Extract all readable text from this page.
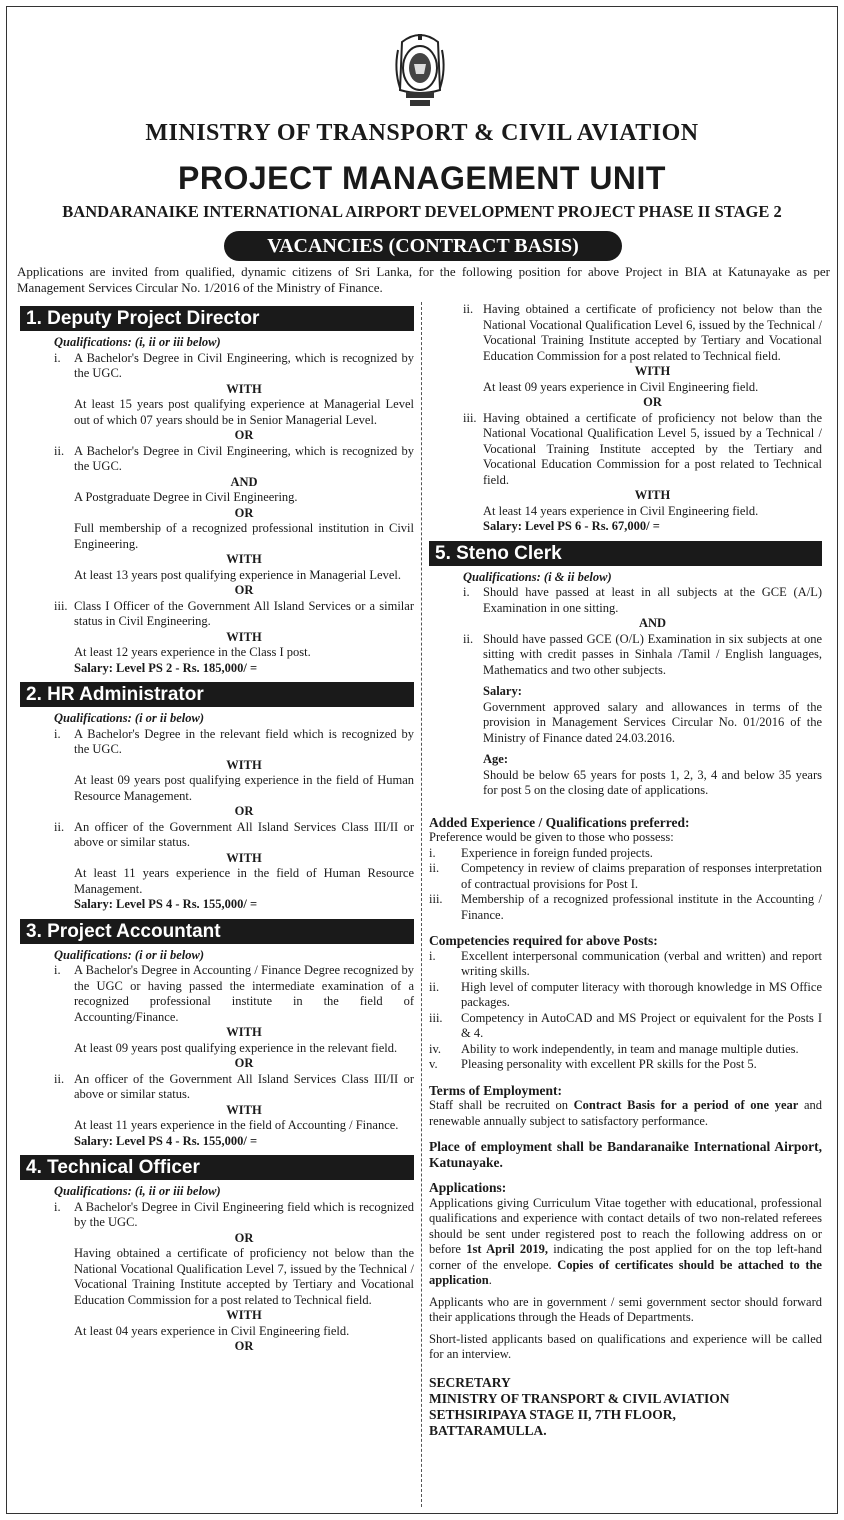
MINISTRY OF TRANSPORT & CIVIL AVIATION
PROJECT MANAGEMENT UNIT
BANDARANAIKE INTERNATIONAL AIRPORT DEVELOPMENT PROJECT PHASE II STAGE 2
VACANCIES (CONTRACT BASIS)
Applications are invited from qualified, dynamic citizens of Sri Lanka, for the following position for above Project in BIA at Katunayake as per Management Services Circular No. 1/2016 of the Ministry of Finance.
1. Deputy Project Director
Qualifications: (i, ii or iii below)
i.	A Bachelor's Degree in Civil Engineering, which is recognized by the UGC.
WITH
At least 15 years post qualifying experience at Managerial Level out of which 07 years should be in Senior Managerial Level.
OR
ii. A Bachelor's Degree in Civil Engineering, which is recognized by the UGC.
AND
A Postgraduate Degree in Civil Engineering.
OR
Full membership of a recognized professional institution in Civil Engineering.
WITH
At least 13 years post qualifying experience in Managerial Level.
OR
iii. Class I Officer of the Government All Island Services or a similar status in Civil Engineering.
WITH
At least 12 years experience in the Class I post.
Salary: Level PS 2 - Rs. 185,000/ =
2. HR Administrator
Qualifications: (i or ii below)
i.	A Bachelor's Degree in the relevant field which is recognized by the UGC.
WITH
At least 09 years post qualifying experience in the field of Human Resource Management.
OR
ii. An officer of the Government All Island Services Class III/II or above or similar status.
WITH
At least 11 years experience in the field of Human Resource Management.
Salary: Level PS 4 - Rs. 155,000/ =
3. Project Accountant
Qualifications: (i or ii below)
i.	A Bachelor's Degree in Accounting / Finance Degree recognized by the UGC or having passed the intermediate examination of a recognized professional institute in the field of Accounting/Finance.
WITH
At least 09 years post qualifying experience in the relevant field.
OR
ii. An officer of the Government All Island Services Class III/II or above or similar status.
WITH
At least 11 years experience in the field of Accounting / Finance.
Salary: Level PS 4 - Rs. 155,000/ =
4. Technical Officer
Qualifications: (i, ii or iii below)
i.	A Bachelor's Degree in Civil Engineering field which is recognized by the UGC.
OR
Having obtained a certificate of proficiency not below than the National Vocational Qualification Level 7, issued by the Technical / Vocational Training Institute accepted by Tertiary and Vocational Education Commission for a post related to Technical field.
WITH
At least 04 years experience in Civil Engineering field.
OR
ii. Having obtained a certificate of proficiency not below than the National Vocational Qualification Level 6, issued by the Technical / Vocational Training Institute accepted by Tertiary and Vocational Education Commission for a post related to Technical field.
WITH
At least 09 years experience in Civil Engineering field.
OR
iii. Having obtained a certificate of proficiency not below than the National Vocational Qualification Level 5, issued by a Technical / Vocational Training Institute accepted by the Tertiary and Vocational Education Commission for a post related to Technical field.
WITH
At least 14 years experience in Civil Engineering field.
Salary: Level PS 6 - Rs. 67,000/ =
5. Steno Clerk
Qualifications: (i & ii below)
i.	Should have passed at least in all subjects at the GCE (A/L) Examination in one sitting.
AND
ii. Should have passed GCE (O/L) Examination in six subjects at one sitting with credit passes in Sinhala /Tamil / English languages, Mathematics and two other subjects.
Salary:
Government approved salary and allowances in terms of the provision in Management Services Circular No. 01/2016 of the Ministry of Finance dated 24.03.2016.
Age:
Should be below 65 years for posts 1, 2, 3, 4 and below 35 years for post 5 on the closing date of applications.
Added Experience / Qualifications preferred:
Preference would be given to those who possess:
i.	Experience in foreign funded projects.
ii.	Competency in review of claims preparation of responses interpretation of contractual provisions for Post I.
iii.	Membership of a recognized professional institute in the Accounting / Finance.
Competencies required for above Posts:
i.	Excellent interpersonal communication (verbal and written) and report writing skills.
ii.	High level of computer literacy with thorough knowledge in MS Office packages.
iii.	Competency in AutoCAD and MS Project or equivalent for the Posts I & 4.
iv.	Ability to work independently, in team and manage multiple duties.
v.	Pleasing personality with excellent PR skills for the Post 5.
Terms of Employment:
Staff shall be recruited on Contract Basis for a period of one year and renewable annually subject to satisfactory performance.
Place of employment shall be Bandaranaike International Airport, Katunayake.
Applications:
Applications giving Curriculum Vitae together with educational, professional qualifications and experience with contact details of two non-related referees should be sent under registered post to reach the following address on or before 1st April 2019, indicating the post applied for on the top left-hand corner of the envelope. Copies of certificates should be attached to the application.
Applicants who are in government / semi government sector should forward their applications through the Heads of Departments.
Short-listed applicants based on qualifications and experience will be called for an interview.
SECRETARY
MINISTRY OF TRANSPORT & CIVIL AVIATION
SETHSIRIPAYA STAGE II, 7TH FLOOR,
BATTARAMULLA.
